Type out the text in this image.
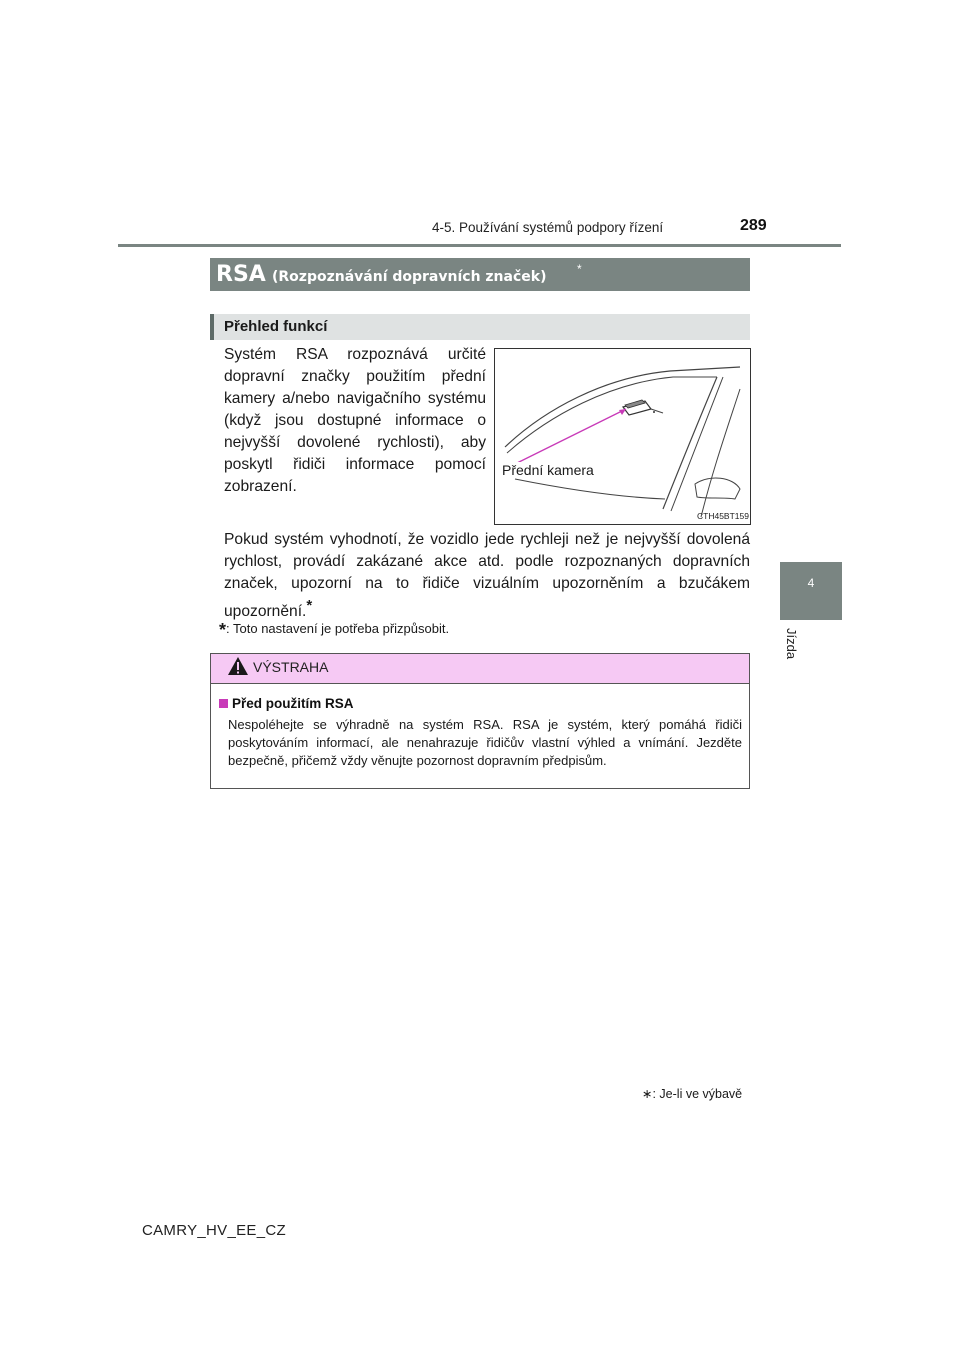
4-5. Používání systémů podpory řízení	289
4
Jízda
RSA (Rozpoznávání dopravních značek)	*
Přehled funkcí
Systém RSA rozpoznává určité dopravní značky použitím přední kamery a/nebo navigačního systému (když jsou dostupné informace o nejvyšší dovolené rychlosti), aby poskytl řidiči informace pomocí zobrazení.
Přední kamera
CTH45BT159
Pokud systém vyhodnotí, že vozidlo jede rychleji než je nejvyšší dovolená rychlost, provádí zakázané akce atd. podle rozpoznaných dopravních značek, upozorní na to řidiče vizuálním upozorněním a bzučákem upozornění.*
*: Toto nastavení je potřeba přizpůsobit.
VÝSTRAHA
Před použitím RSA
Nespoléhejte se výhradně na systém RSA. RSA je systém, který pomáhá řidiči poskytováním informací, ale nenahrazuje řidičův vlastní výhled a vnímání. Jezděte bezpečně, přičemž vždy věnujte pozornost dopravním předpisům.
∗: Je-li ve výbavě
CAMRY_HV_EE_CZ
